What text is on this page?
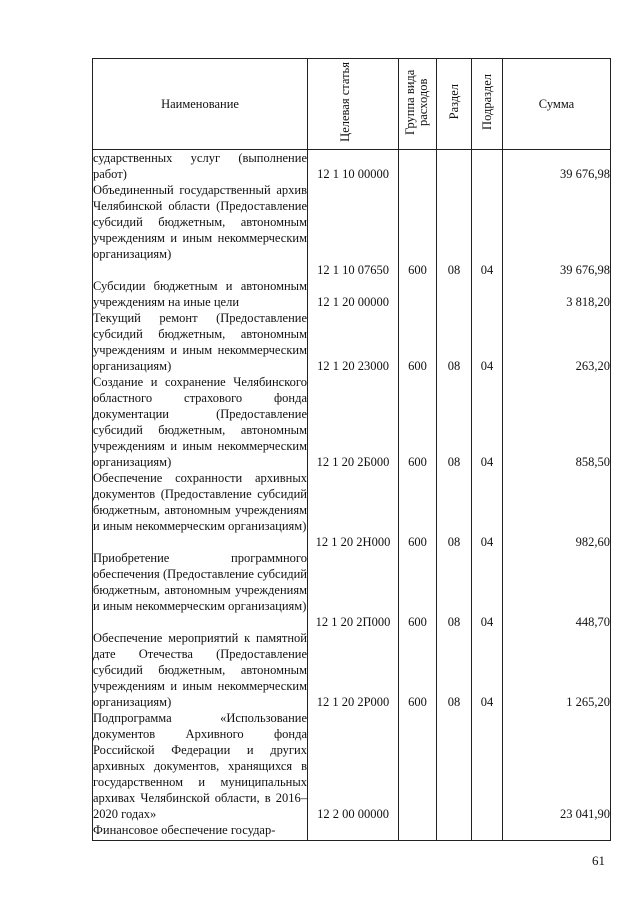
Наименование	Целевая статья	Группа вида расходов	Раздел	Подраздел	Сумма
сударственных услуг (выполнение работ)	12 1 10 00000				39 676,98
Объединенный государственный архив Челябинской области (Предоставление субсидий бюджетным, автономным учреждениям и иным некоммерческим организациям)	12 1 10 07650	600	08	04	39 676,98
Субсидии бюджетным и автономным учреждениям на иные цели	12 1 20 00000				3 818,20
Текущий ремонт (Предоставление субсидий бюджетным, автономным учреждениям и иным некоммерческим организациям)	12 1 20 23000	600	08	04	263,20
Создание и сохранение Челябинского областного страхового фонда документации (Предоставление субсидий бюджетным, автономным учреждениям и иным некоммерческим организациям)	12 1 20 2Б000	600	08	04	858,50
Обеспечение сохранности архивных документов (Предоставление субсидий бюджетным, автономным учреждениям и иным некоммерческим организациям)	12 1 20 2Н000	600	08	04	982,60
Приобретение программного обеспечения (Предоставление субсидий бюджетным, автономным учреждениям и иным некоммерческим организациям)	12 1 20 2П000	600	08	04	448,70
Обеспечение мероприятий к памятной дате Отечества (Предоставление субсидий бюджетным, автономным учреждениям и иным некоммерческим организациям)	12 1 20 2Р000	600	08	04	1 265,20
Подпрограмма «Использование документов Архивного фонда Российской Федерации и других архивных документов, хранящихся в государственном и муниципальных архивах Челябинской области, в 2016–2020 годах»	12 2 00 00000				23 041,90
Финансовое обеспечение государ-					
61
